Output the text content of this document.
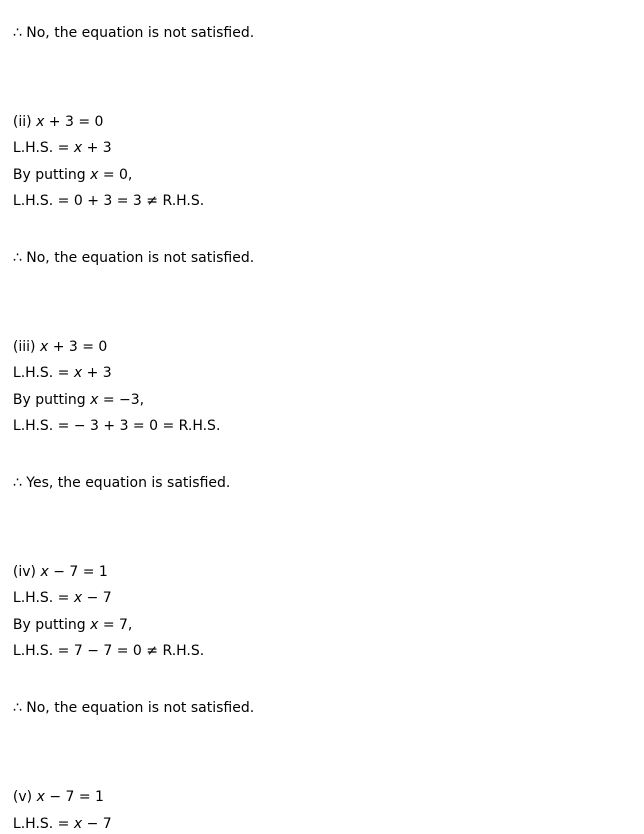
∴ No, the equation is not satisfied.

(ii) x + 3 = 0

L.H.S. = x + 3

By putting x = 0,

L.H.S. = 0 + 3 = 3 ≠ R.H.S.

∴ No, the equation is not satisfied.

(iii) x + 3 = 0

L.H.S. = x + 3

By putting x = −3,

L.H.S. = − 3 + 3 = 0 = R.H.S.

∴ Yes, the equation is satisfied.

(iv) x − 7 = 1

L.H.S. = x − 7

By putting x = 7,

L.H.S. = 7 − 7 = 0 ≠ R.H.S.

∴ No, the equation is not satisfied.

(v) x − 7 = 1

L.H.S. = x − 7
